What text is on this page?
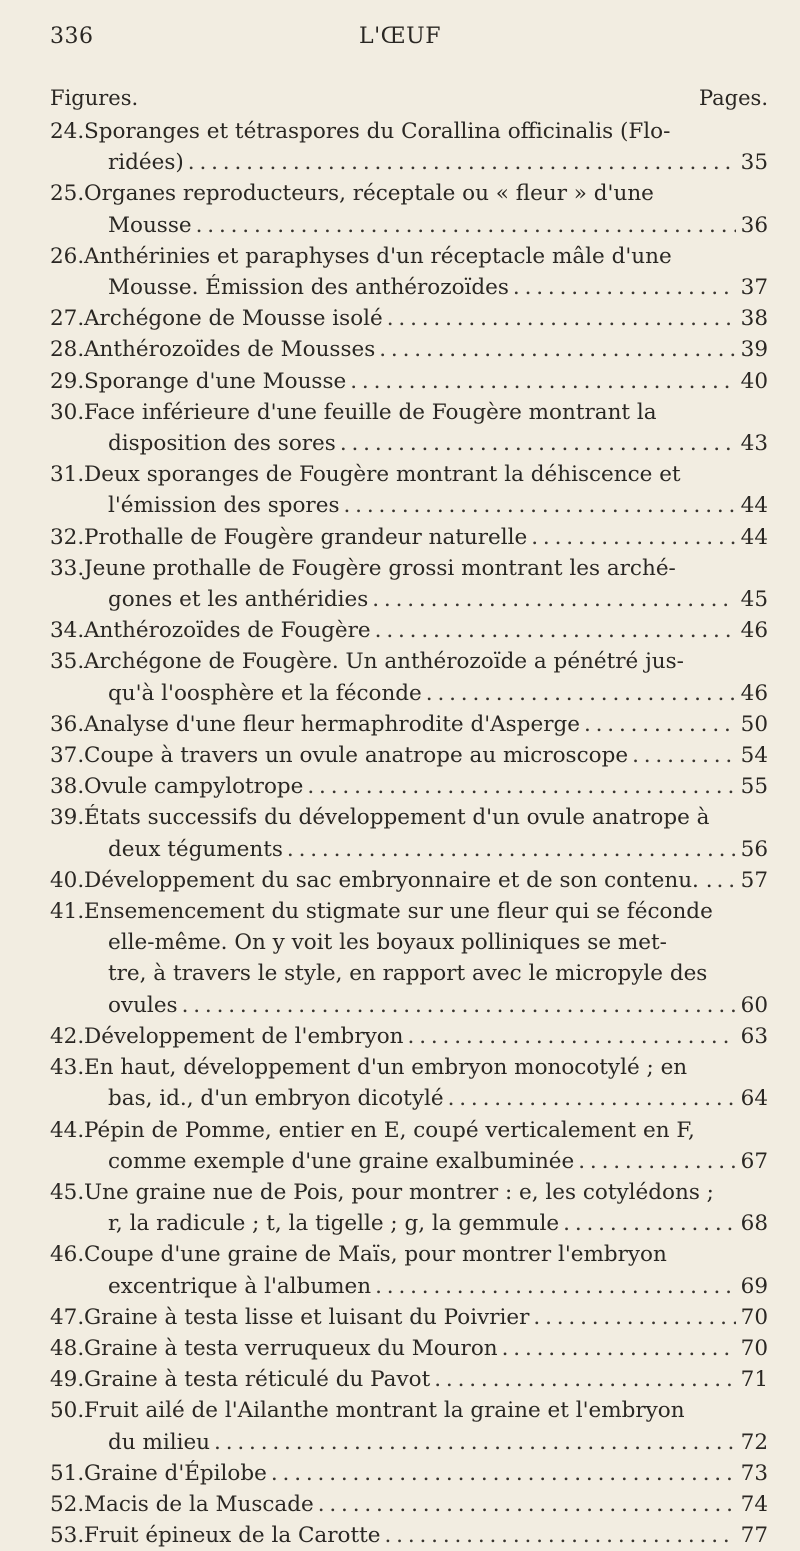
336	L'ŒUF
Figures.	Pages.
24. Sporanges et tétraspores du Corallina officinalis (Flo-
ridées) . . .	35
25. Organes reproducteurs, réceptale ou « fleur » d'une
Mousse . . .	36
26. Anthérinies et paraphyses d'un réceptacle mâle d'une
Mousse. Émission des anthérozoïdes . . .	37
27. Archégone de Mousse isolé . . .	38
28. Anthérozoïdes de Mousses . . .	39
29. Sporange d'une Mousse . . .	40
30. Face inférieure d'une feuille de Fougère montrant la
disposition des sores . . .	43
31. Deux sporanges de Fougère montrant la déhiscence et
l'émission des spores . . .	44
32. Prothalle de Fougère grandeur naturelle . . .	44
33. Jeune prothalle de Fougère grossi montrant les arché-
gones et les anthéridies . . .	45
34. Anthérozoïdes de Fougère . . .	46
35. Archégone de Fougère. Un anthérozoïde a pénétré jus-
qu'à l'oosphère et la féconde . . .	46
36. Analyse d'une fleur hermaphrodite d'Asperge . . .	50
37. Coupe à travers un ovule anatrope au microscope . . .	54
38. Ovule campylotrope . . .	55
39. États successifs du développement d'un ovule anatrope à
deux téguments . . .	56
40. Développement du sac embryonnaire et de son contenu. . . . . 57
41. Ensemencement du stigmate sur une fleur qui se féconde
elle-même. On y voit les boyaux polliniques se met-
tre, à travers le style, en rapport avec le micropyle des
ovules . . .	60
42. Développement de l'embryon . . .	63
43. En haut, développement d'un embryon monocotylé ; en
bas, id., d'un embryon dicotylé . . .	64
44. Pépin de Pomme, entier en E, coupé verticalement en F,
comme exemple d'une graine exalbuminée . . .	67
45. Une graine nue de Pois, pour montrer : e, les cotylédons ;
r, la radicule ; t, la tigelle ; g, la gemmule . . .	68
46. Coupe d'une graine de Maïs, pour montrer l'embryon
excentrique à l'albumen . . .	69
47. Graine à testa lisse et luisant du Poivrier . . .	70
48. Graine à testa verruqueux du Mouron . . .	70
49. Graine à testa réticulé du Pavot . . .	71
50. Fruit ailé de l'Ailanthe montrant la graine et l'embryon
du milieu . . .	72
51. Graine d'Épilobe . . .	73
52. Macis de la Muscade . . .	74
53. Fruit épineux de la Carotte . . .	77
